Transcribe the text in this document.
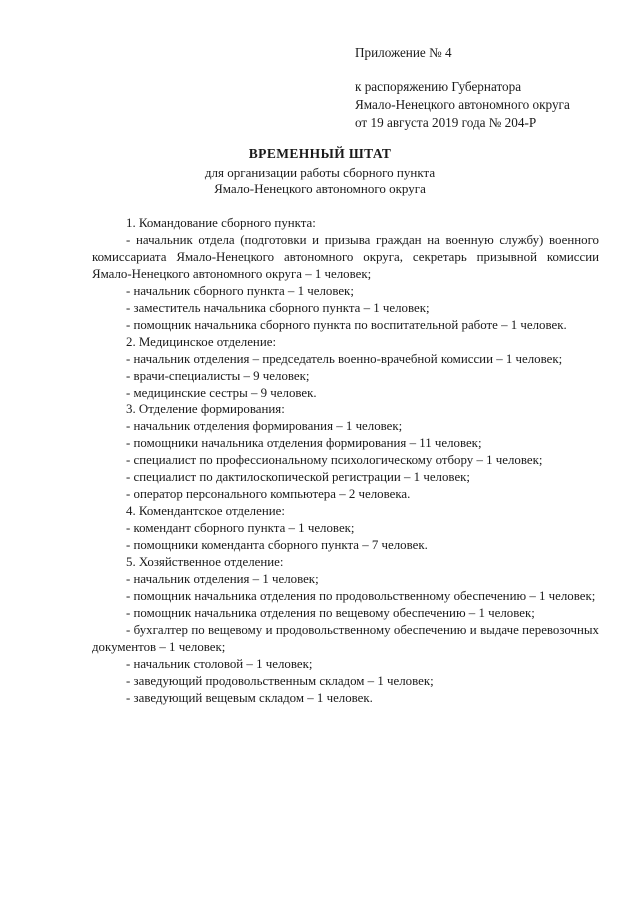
Приложение № 4
к распоряжению Губернатора
Ямало-Ненецкого автономного округа
от 19 августа 2019 года № 204-Р
ВРЕМЕННЫЙ ШТАТ
для организации работы сборного пункта
Ямало-Ненецкого автономного округа
1. Командование сборного пункта:
- начальник отдела (подготовки и призыва граждан на военную службу) военного комиссариата Ямало-Ненецкого автономного округа, секретарь призывной комиссии Ямало-Ненецкого автономного округа – 1 человек;
- начальник сборного пункта – 1 человек;
- заместитель начальника сборного пункта – 1 человек;
- помощник начальника сборного пункта по воспитательной работе – 1 человек.
2. Медицинское отделение:
- начальник отделения – председатель военно-врачебной комиссии – 1 человек;
- врачи-специалисты – 9 человек;
- медицинские сестры – 9 человек.
3. Отделение формирования:
- начальник отделения формирования – 1 человек;
- помощники начальника отделения формирования – 11 человек;
- специалист по профессиональному психологическому отбору – 1 человек;
- специалист по дактилоскопической регистрации – 1 человек;
- оператор персонального компьютера – 2 человека.
4. Комендантское отделение:
- комендант сборного пункта – 1 человек;
- помощники коменданта сборного пункта – 7 человек.
5. Хозяйственное отделение:
- начальник отделения – 1 человек;
- помощник начальника отделения по продовольственному обеспечению – 1 человек;
- помощник начальника отделения по вещевому обеспечению – 1 человек;
- бухгалтер по вещевому и продовольственному обеспечению и выдаче перевозочных документов – 1 человек;
- начальник столовой – 1 человек;
- заведующий продовольственным складом – 1 человек;
- заведующий вещевым складом – 1 человек.
